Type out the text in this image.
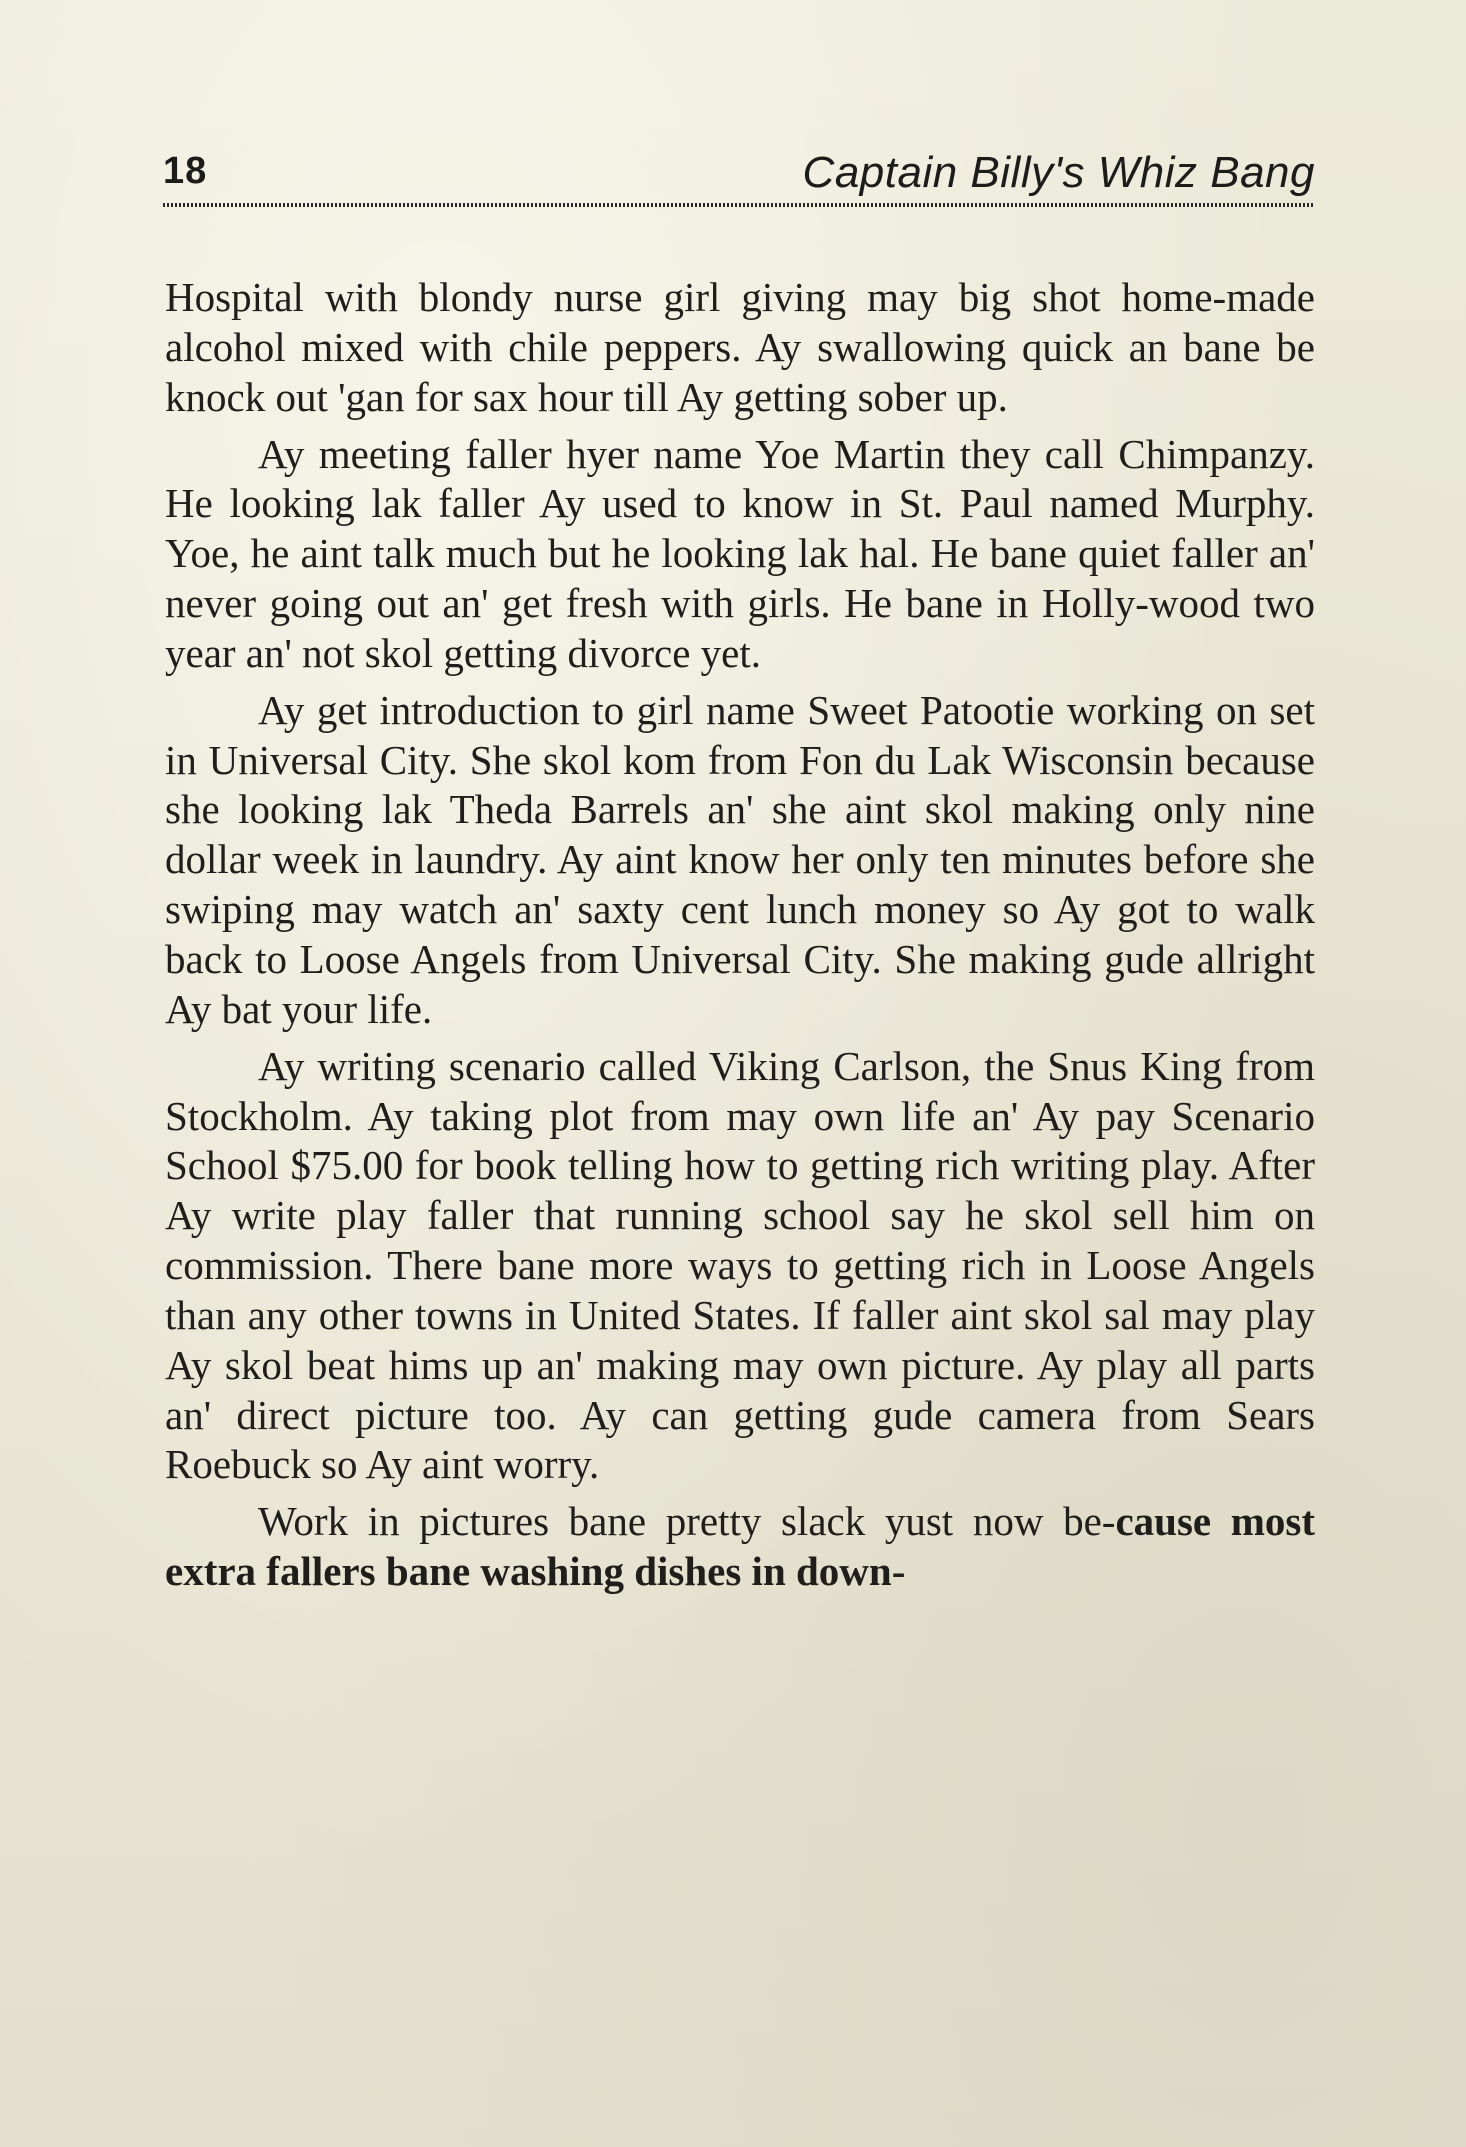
18	Captain Billy's Whiz Bang

Hospital with blondy nurse girl giving may big shot home-made alcohol mixed with chile peppers. Ay swallowing quick an bane be knock out 'gan for sax hour till Ay getting sober up.

Ay meeting faller hyer name Yoe Martin they call Chimpanzy. He looking lak faller Ay used to know in St. Paul named Murphy. Yoe, he aint talk much but he looking lak hal. He bane quiet faller an' never going out an' get fresh with girls. He bane in Holly-wood two year an' not skol getting divorce yet.

Ay get introduction to girl name Sweet Patootie working on set in Universal City. She skol kom from Fon du Lak Wisconsin because she looking lak Theda Barrels an' she aint skol making only nine dollar week in laundry. Ay aint know her only ten minutes before she swiping may watch an' saxty cent lunch money so Ay got to walk back to Loose Angels from Universal City. She making gude allright Ay bat your life.

Ay writing scenario called Viking Carlson, the Snus King from Stockholm. Ay taking plot from may own life an' Ay pay Scenario School $75.00 for book telling how to getting rich writing play. After Ay write play faller that running school say he skol sell him on commission. There bane more ways to getting rich in Loose Angels than any other towns in United States. If faller aint skol sal may play Ay skol beat hims up an' making may own picture. Ay play all parts an' direct picture too. Ay can getting gude camera from Sears Roebuck so Ay aint worry.

Work in pictures bane pretty slack yust now be-cause most extra fallers bane washing dishes in down-
